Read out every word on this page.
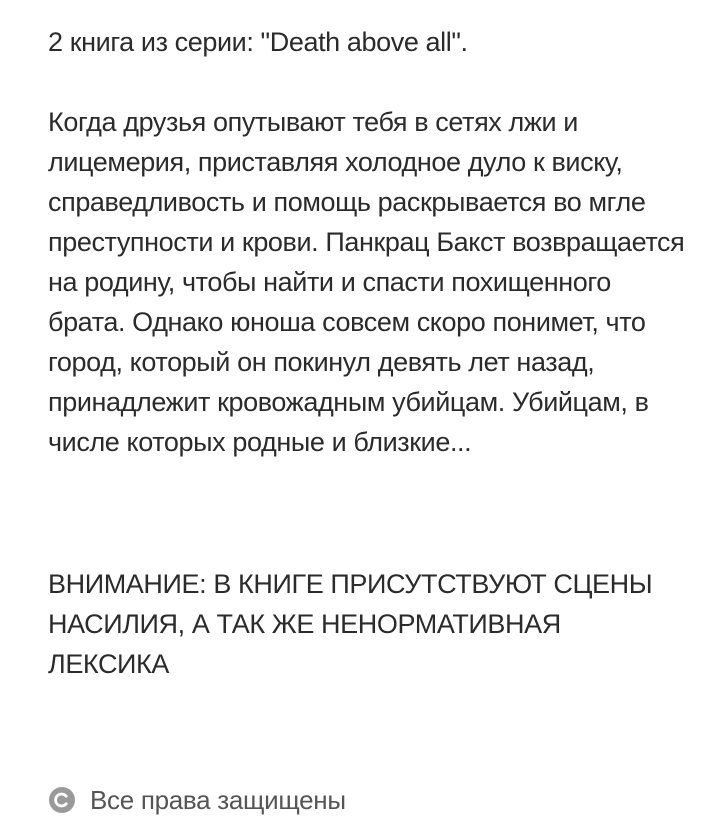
2 книга из серии: "Death above all".

Когда друзья опутывают тебя в сетях лжи и лицемерия, приставляя холодное дуло к виску, справедливость и помощь раскрывается во мгле преступности и крови. Панкрац Бакст возвращается на родину, чтобы найти и спасти похищенного брата. Однако юноша совсем скоро понимет, что город, который он покинул девять лет назад, принадлежит кровожадным убийцам. Убийцам, в числе которых родные и близкие...

ВНИМАНИЕ: В КНИГЕ ПРИСУТСТВУЮТ СЦЕНЫ НАСИЛИЯ, А ТАК ЖЕ НЕНОРМАТИВНАЯ ЛЕКСИКА

Все права защищены
